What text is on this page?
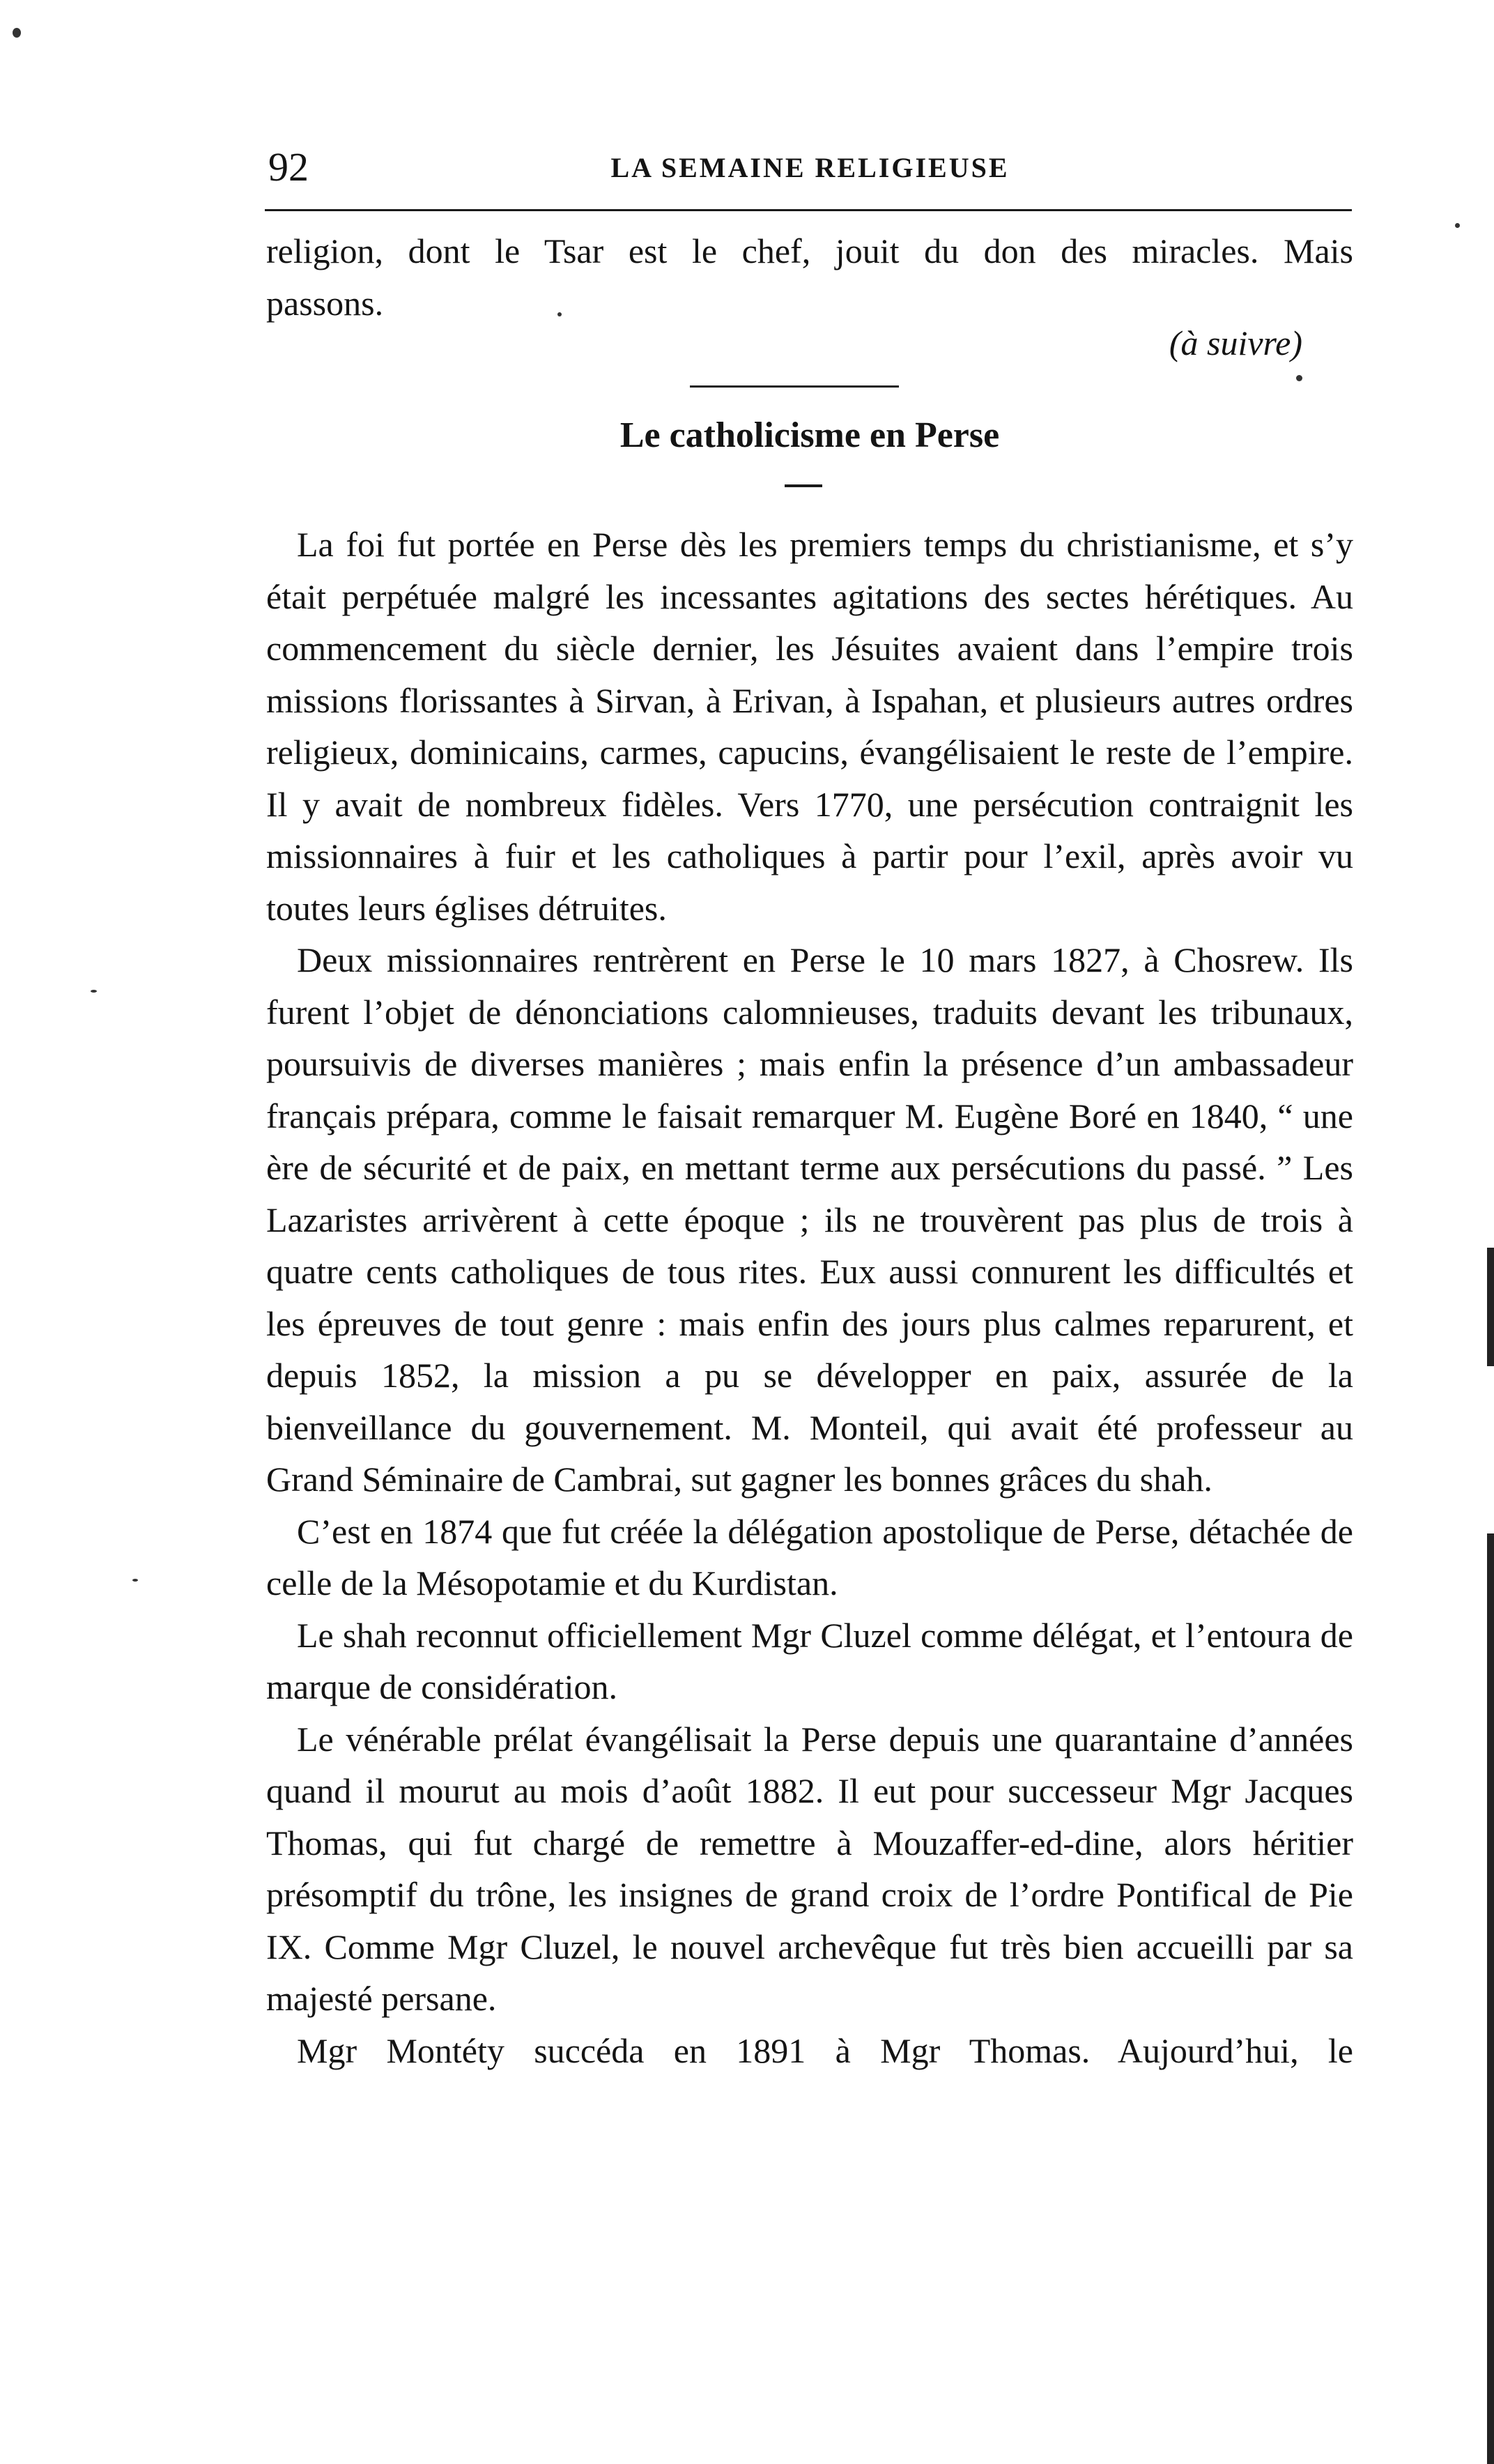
92	LA SEMAINE RELIGIEUSE

religion, dont le Tsar est le chef, jouit du don des miracles. Mais

passons.

(à suivre)
Le catholicisme en Perse

La foi fut portée en Perse dès les premiers temps du christianisme, et s’y était perpétuée malgré les incessantes agitations des sectes hérétiques. Au commencement du siècle dernier, les Jésuites avaient dans l’empire trois missions florissantes à Sirvan, à Erivan, à Ispahan, et plusieurs autres ordres religieux, dominicains, carmes, capucins, évangélisaient le reste de l’empire. Il y avait de nombreux fidèles. Vers 1770, une persécution contraignit les missionnaires à fuir et les catholiques à partir pour l’exil, après avoir vu toutes leurs églises détruites.

Deux missionnaires rentrèrent en Perse le 10 mars 1827, à Chosrew. Ils furent l’objet de dénonciations calomnieuses, traduits devant les tribunaux, poursuivis de diverses manières ; mais enfin la présence d’un ambassadeur français prépara, comme le faisait remarquer M. Eugène Boré en 1840, “ une ère de sécurité et de paix, en mettant terme aux persécutions du passé. ” Les Lazaristes arrivèrent à cette époque ; ils ne trouvèrent pas plus de trois à quatre cents catholiques de tous rites. Eux aussi connurent les difficultés et les épreuves de tout genre : mais enfin des jours plus calmes reparurent, et depuis 1852, la mission a pu se développer en paix, assurée de la bienveillance du gouvernement. M. Monteil, qui avait été professeur au Grand Séminaire de Cambrai, sut gagner les bonnes grâces du shah.

C’est en 1874 que fut créée la délégation apostolique de Perse, détachée de celle de la Mésopotamie et du Kurdistan.

Le shah reconnut officiellement Mgr Cluzel comme délégat, et l’entoura de marque de considération.

Le vénérable prélat évangélisait la Perse depuis une quarantaine d’années quand il mourut au mois d’août 1882. Il eut pour successeur Mgr Jacques Thomas, qui fut chargé de remettre à Mouzaffer-ed-dine, alors héritier présomptif du trône, les insignes de grand croix de l’ordre Pontifical de Pie IX. Comme Mgr Cluzel, le nouvel archevêque fut très bien accueilli par sa majesté persane.

Mgr Montéty succéda en 1891 à Mgr Thomas. Aujourd’hui, le
